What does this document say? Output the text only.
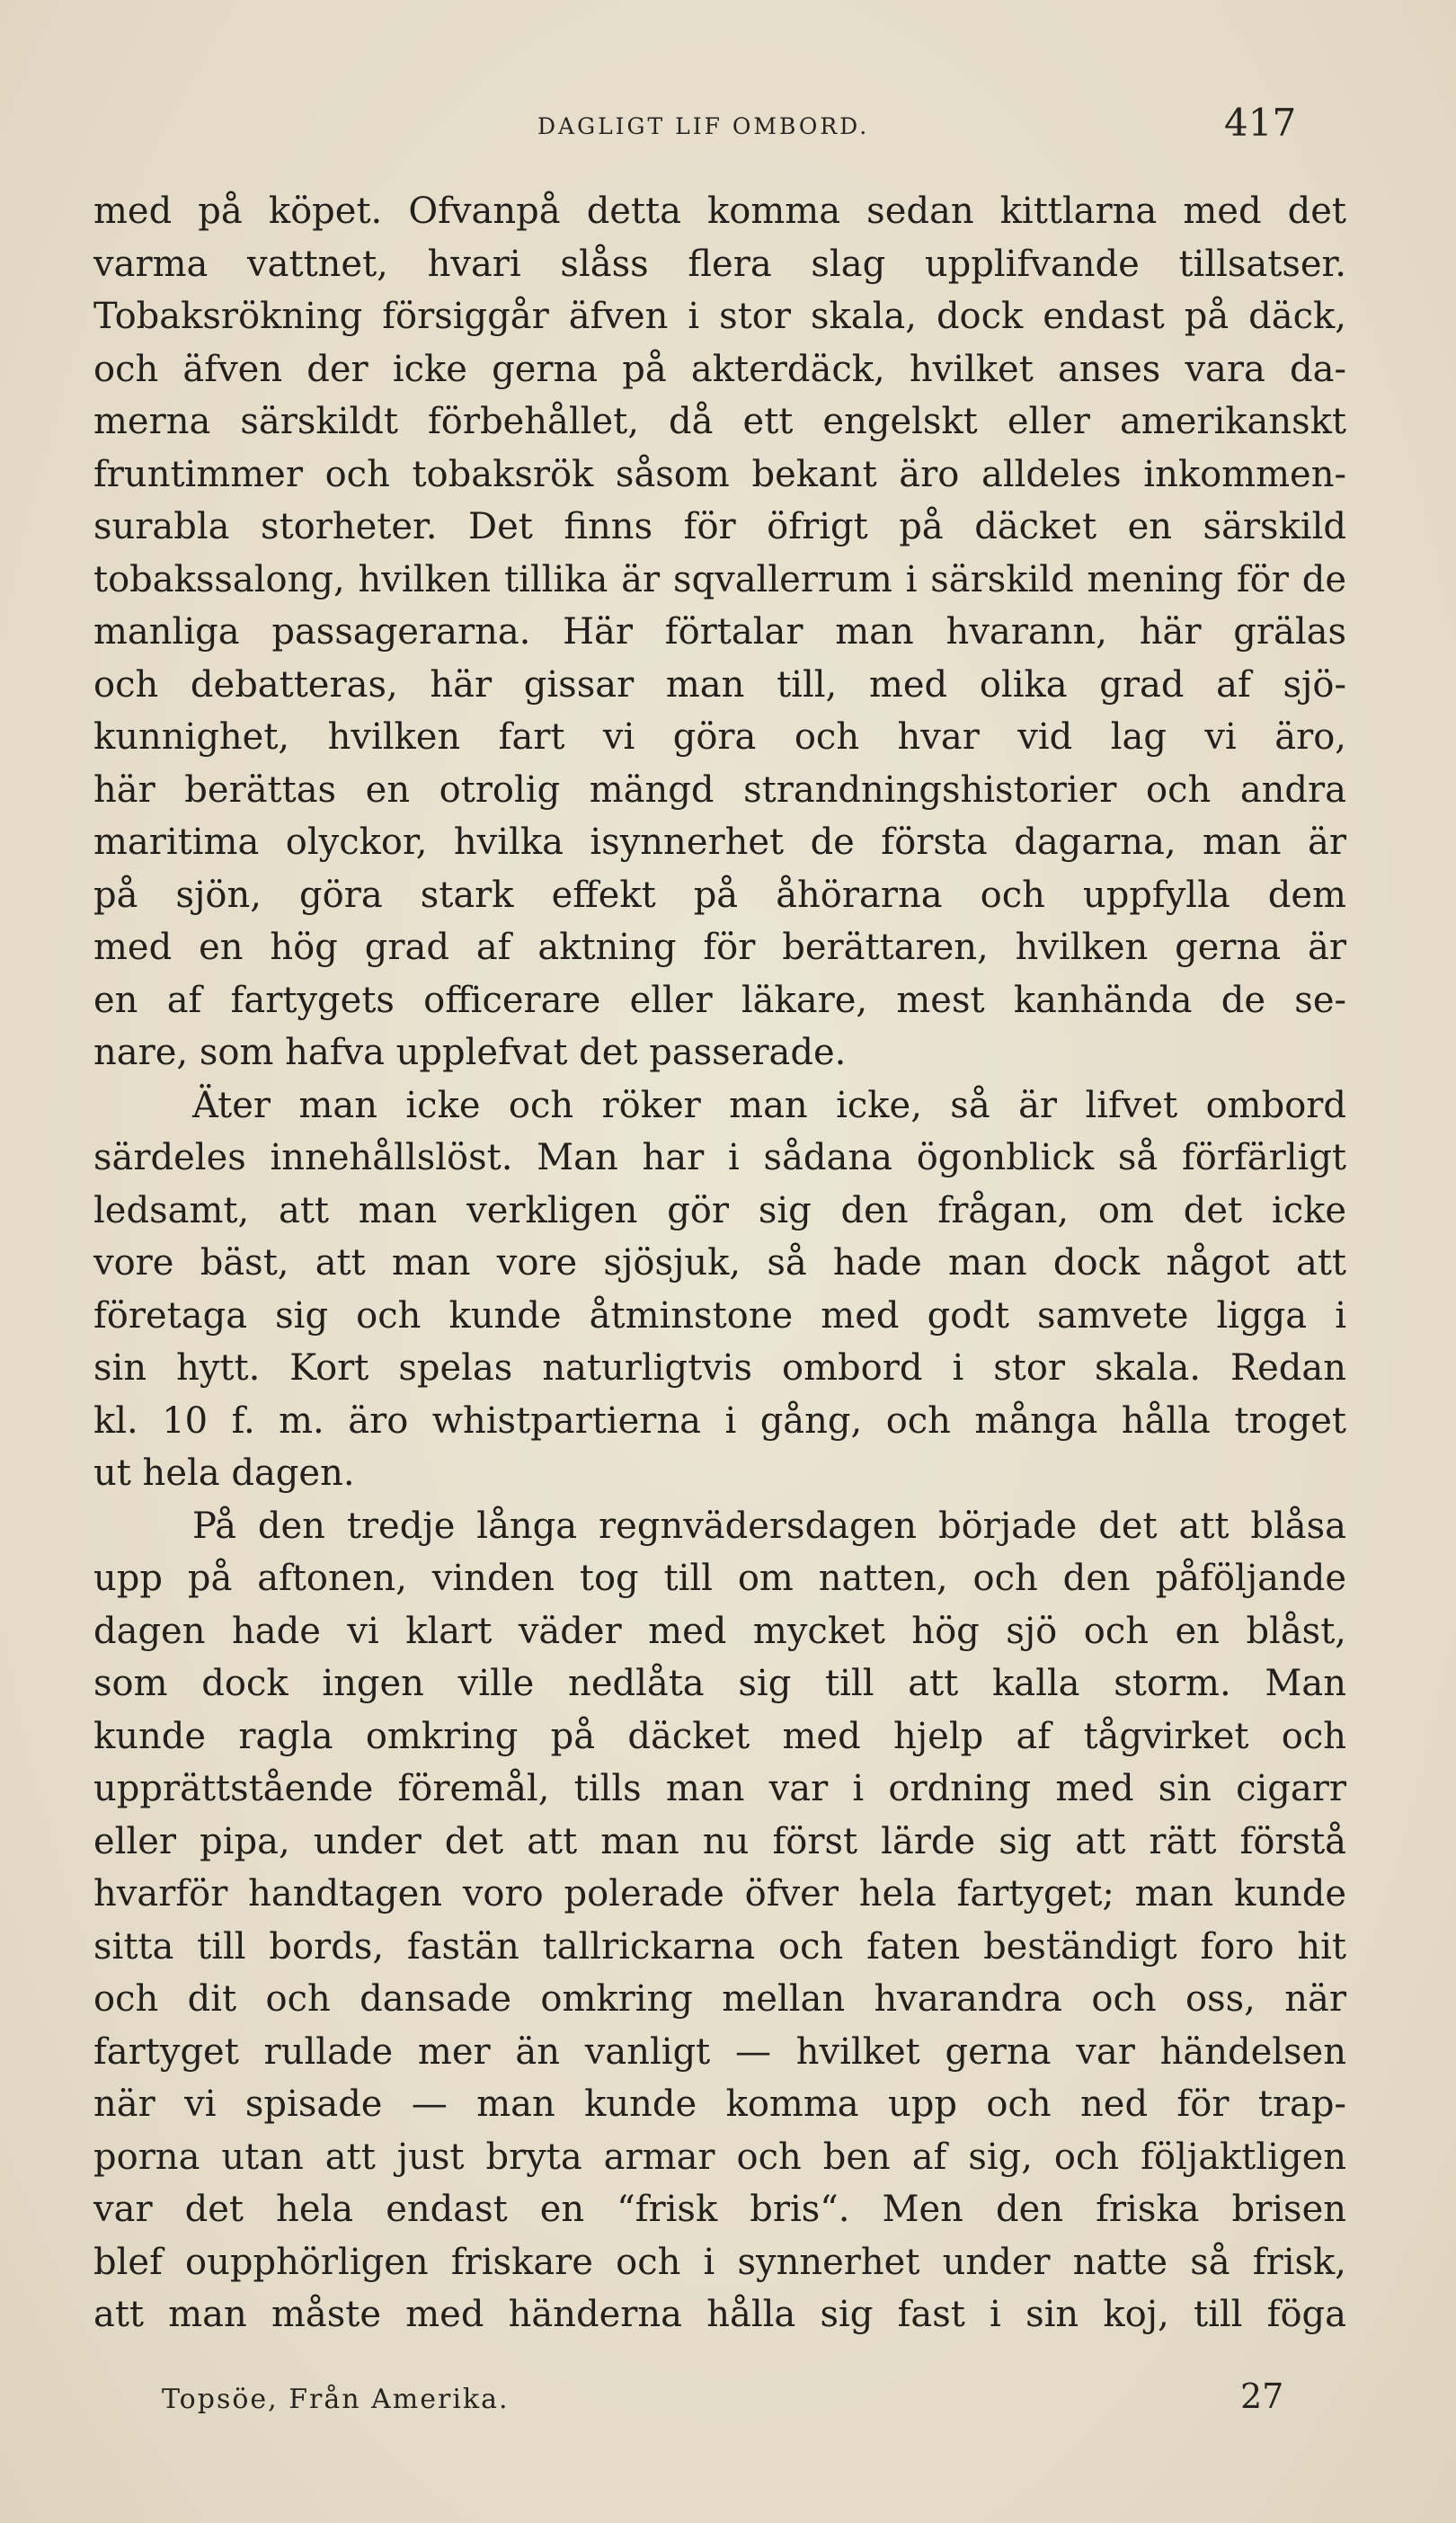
DAGLIGT LIF OMBORD.	417
med på köpet. Ofvanpå detta komma sedan kittlarna med det
varma vattnet, hvari slåss flera slag upplifvande tillsatser.
Tobaksrökning försiggår äfven i stor skala, dock endast på däck,
och äfven der icke gerna på akterdäck, hvilket anses vara da-
merna särskildt förbehållet, då ett engelskt eller amerikanskt
fruntimmer och tobaksrök såsom bekant äro alldeles inkommen-
surabla storheter. Det finns för öfrigt på däcket en särskild
tobakssalong, hvilken tillika är sqvallerrum i särskild mening för de
manliga passagerarna. Här förtalar man hvarann, här grälas
och debatteras, här gissar man till, med olika grad af sjö-
kunnighet, hvilken fart vi göra och hvar vid lag vi äro,
här berättas en otrolig mängd strandningshistorier och andra
maritima olyckor, hvilka isynnerhet de första dagarna, man är
på sjön, göra stark effekt på åhörarna och uppfylla dem
med en hög grad af aktning för berättaren, hvilken gerna är
en af fartygets officerare eller läkare, mest kanhända de se-
nare, som hafva upplefvat det passerade.
Äter man icke och röker man icke, så är lifvet ombord
särdeles innehållslöst. Man har i sådana ögonblick så förfärligt
ledsamt, att man verkligen gör sig den frågan, om det icke
vore bäst, att man vore sjösjuk, så hade man dock något att
företaga sig och kunde åtminstone med godt samvete ligga i
sin hytt. Kort spelas naturligtvis ombord i stor skala. Redan
kl. 10 f. m. äro whistpartierna i gång, och många hålla troget
ut hela dagen.
På den tredje långa regnvädersdagen började det att blåsa
upp på aftonen, vinden tog till om natten, och den påföljande
dagen hade vi klart väder med mycket hög sjö och en blåst,
som dock ingen ville nedlåta sig till att kalla storm. Man
kunde ragla omkring på däcket med hjelp af tågvirket och
upprättstående föremål, tills man var i ordning med sin cigarr
eller pipa, under det att man nu först lärde sig att rätt förstå
hvarför handtagen voro polerade öfver hela fartyget; man kunde
sitta till bords, fastän tallrickarna och faten beständigt foro hit
och dit och dansade omkring mellan hvarandra och oss, när
fartyget rullade mer än vanligt — hvilket gerna var händelsen
när vi spisade — man kunde komma upp och ned för trap-
porna utan att just bryta armar och ben af sig, och följaktligen
var det hela endast en “frisk bris“. Men den friska brisen
blef oupphörligen friskare och i synnerhet under natte så frisk,
att man måste med händerna hålla sig fast i sin koj, till föga
Topsöe, Från Amerika.	27
